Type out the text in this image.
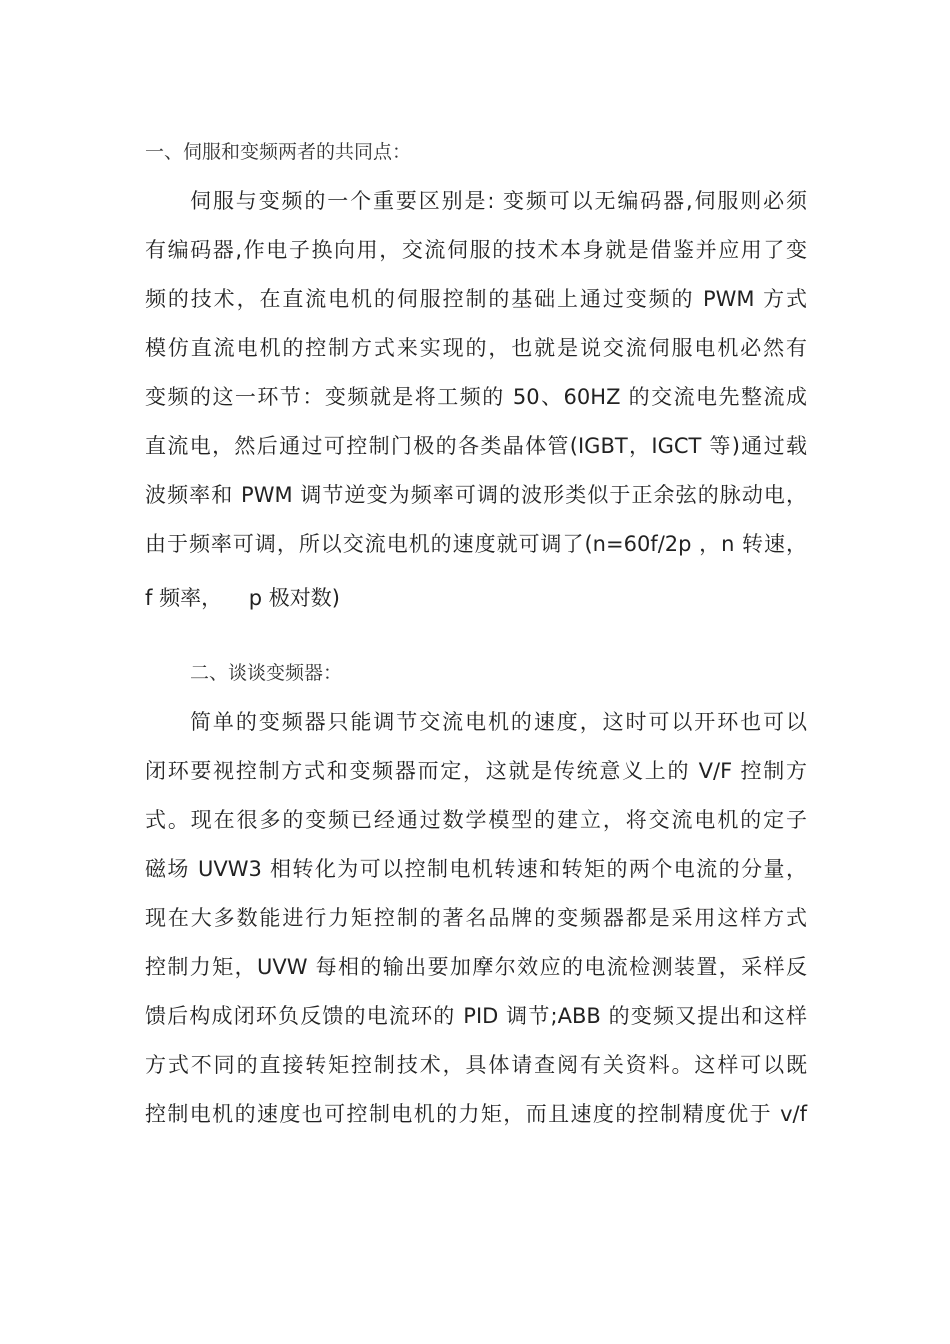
一、伺服和变频两者的共同点：
伺服与变频的一个重要区别是: 变频可以无编码器,伺服则必须
有编码器,作电子换向用，交流伺服的技术本身就是借鉴并应用了变
频的技术，在直流电机的伺服控制的基础上通过变频的 PWM 方式
模仿直流电机的控制方式来实现的，也就是说交流伺服电机必然有
变频的这一环节：变频就是将工频的 50、60HZ 的交流电先整流成
直流电，然后通过可控制门极的各类晶体管(IGBT，IGCT 等)通过载
波频率和 PWM 调节逆变为频率可调的波形类似于正余弦的脉动电，
由于频率可调，所以交流电机的速度就可调了(n=60f/2p ，n 转速，
f 频率，    p 极对数)
二、谈谈变频器：
简单的变频器只能调节交流电机的速度，这时可以开环也可以
闭环要视控制方式和变频器而定，这就是传统意义上的 V/F 控制方
式。现在很多的变频已经通过数学模型的建立，将交流电机的定子
磁场 UVW3 相转化为可以控制电机转速和转矩的两个电流的分量，
现在大多数能进行力矩控制的著名品牌的变频器都是采用这样方式
控制力矩，UVW 每相的输出要加摩尔效应的电流检测装置，采样反
馈后构成闭环负反馈的电流环的 PID 调节;ABB 的变频又提出和这样
方式不同的直接转矩控制技术，具体请查阅有关资料。这样可以既
控制电机的速度也可控制电机的力矩，而且速度的控制精度优于 v/f
